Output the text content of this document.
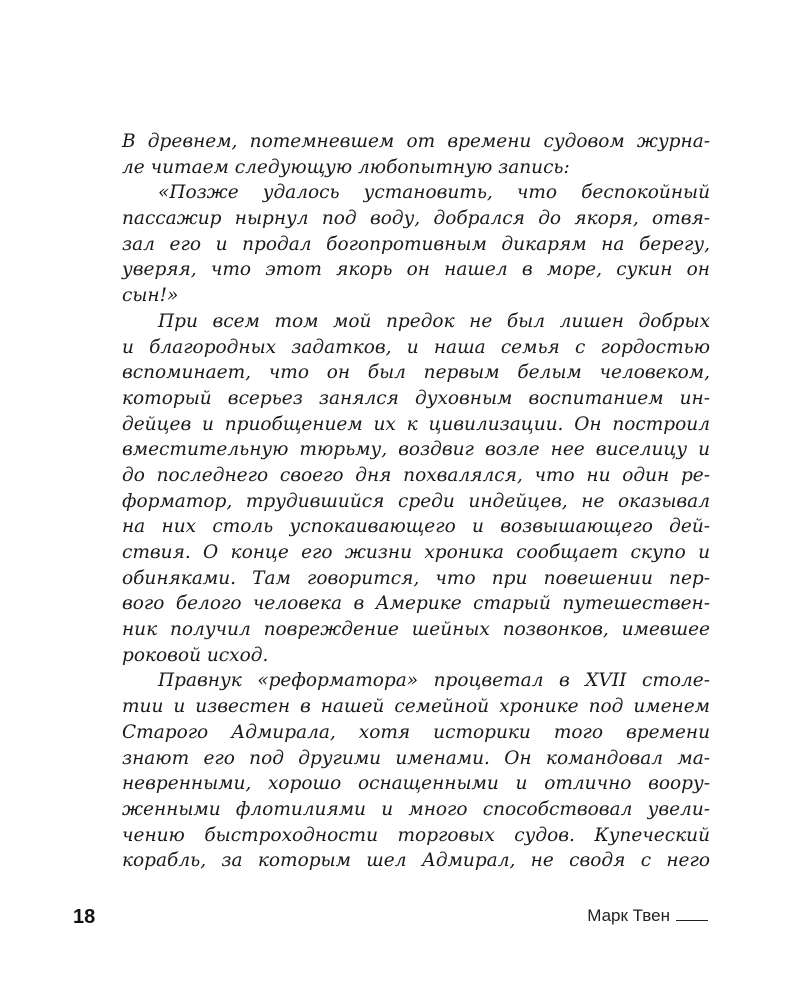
В древнем, потемневшем от времени судовом журна-
ле читаем следующую любопытную запись:
«Позже удалось установить, что беспокойный
пассажир нырнул под воду, добрался до якоря, отвя-
зал его и продал богопротивным дикарям на берегу,
уверяя, что этот якорь он нашел в море, сукин он
сын!»
При всем том мой предок не был лишен добрых
и благородных задатков, и наша семья с гордостью
вспоминает, что он был первым белым человеком,
который всерьез занялся духовным воспитанием ин-
дейцев и приобщением их к цивилизации. Он построил
вместительную тюрьму, воздвиг возле нее виселицу и
до последнего своего дня похвалялся, что ни один ре-
форматор, трудившийся среди индейцев, не оказывал
на них столь успокаивающего и возвышающего дей-
ствия. О конце его жизни хроника сообщает скупо и
обиняками. Там говорится, что при повешении пер-
вого белого человека в Америке старый путешествен-
ник получил повреждение шейных позвонков, имевшее
роковой исход.
Правнук «реформатора» процветал в XVII столе-
тии и известен в нашей семейной хронике под именем
Старого Адмирала, хотя историки того времени
знают его под другими именами. Он командовал ма-
невренными, хорошо оснащенными и отлично воору-
женными флотилиями и много способствовал увели-
чению быстроходности торговых судов. Купеческий
корабль, за которым шел Адмирал, не сводя с него
18	Марк Твен
